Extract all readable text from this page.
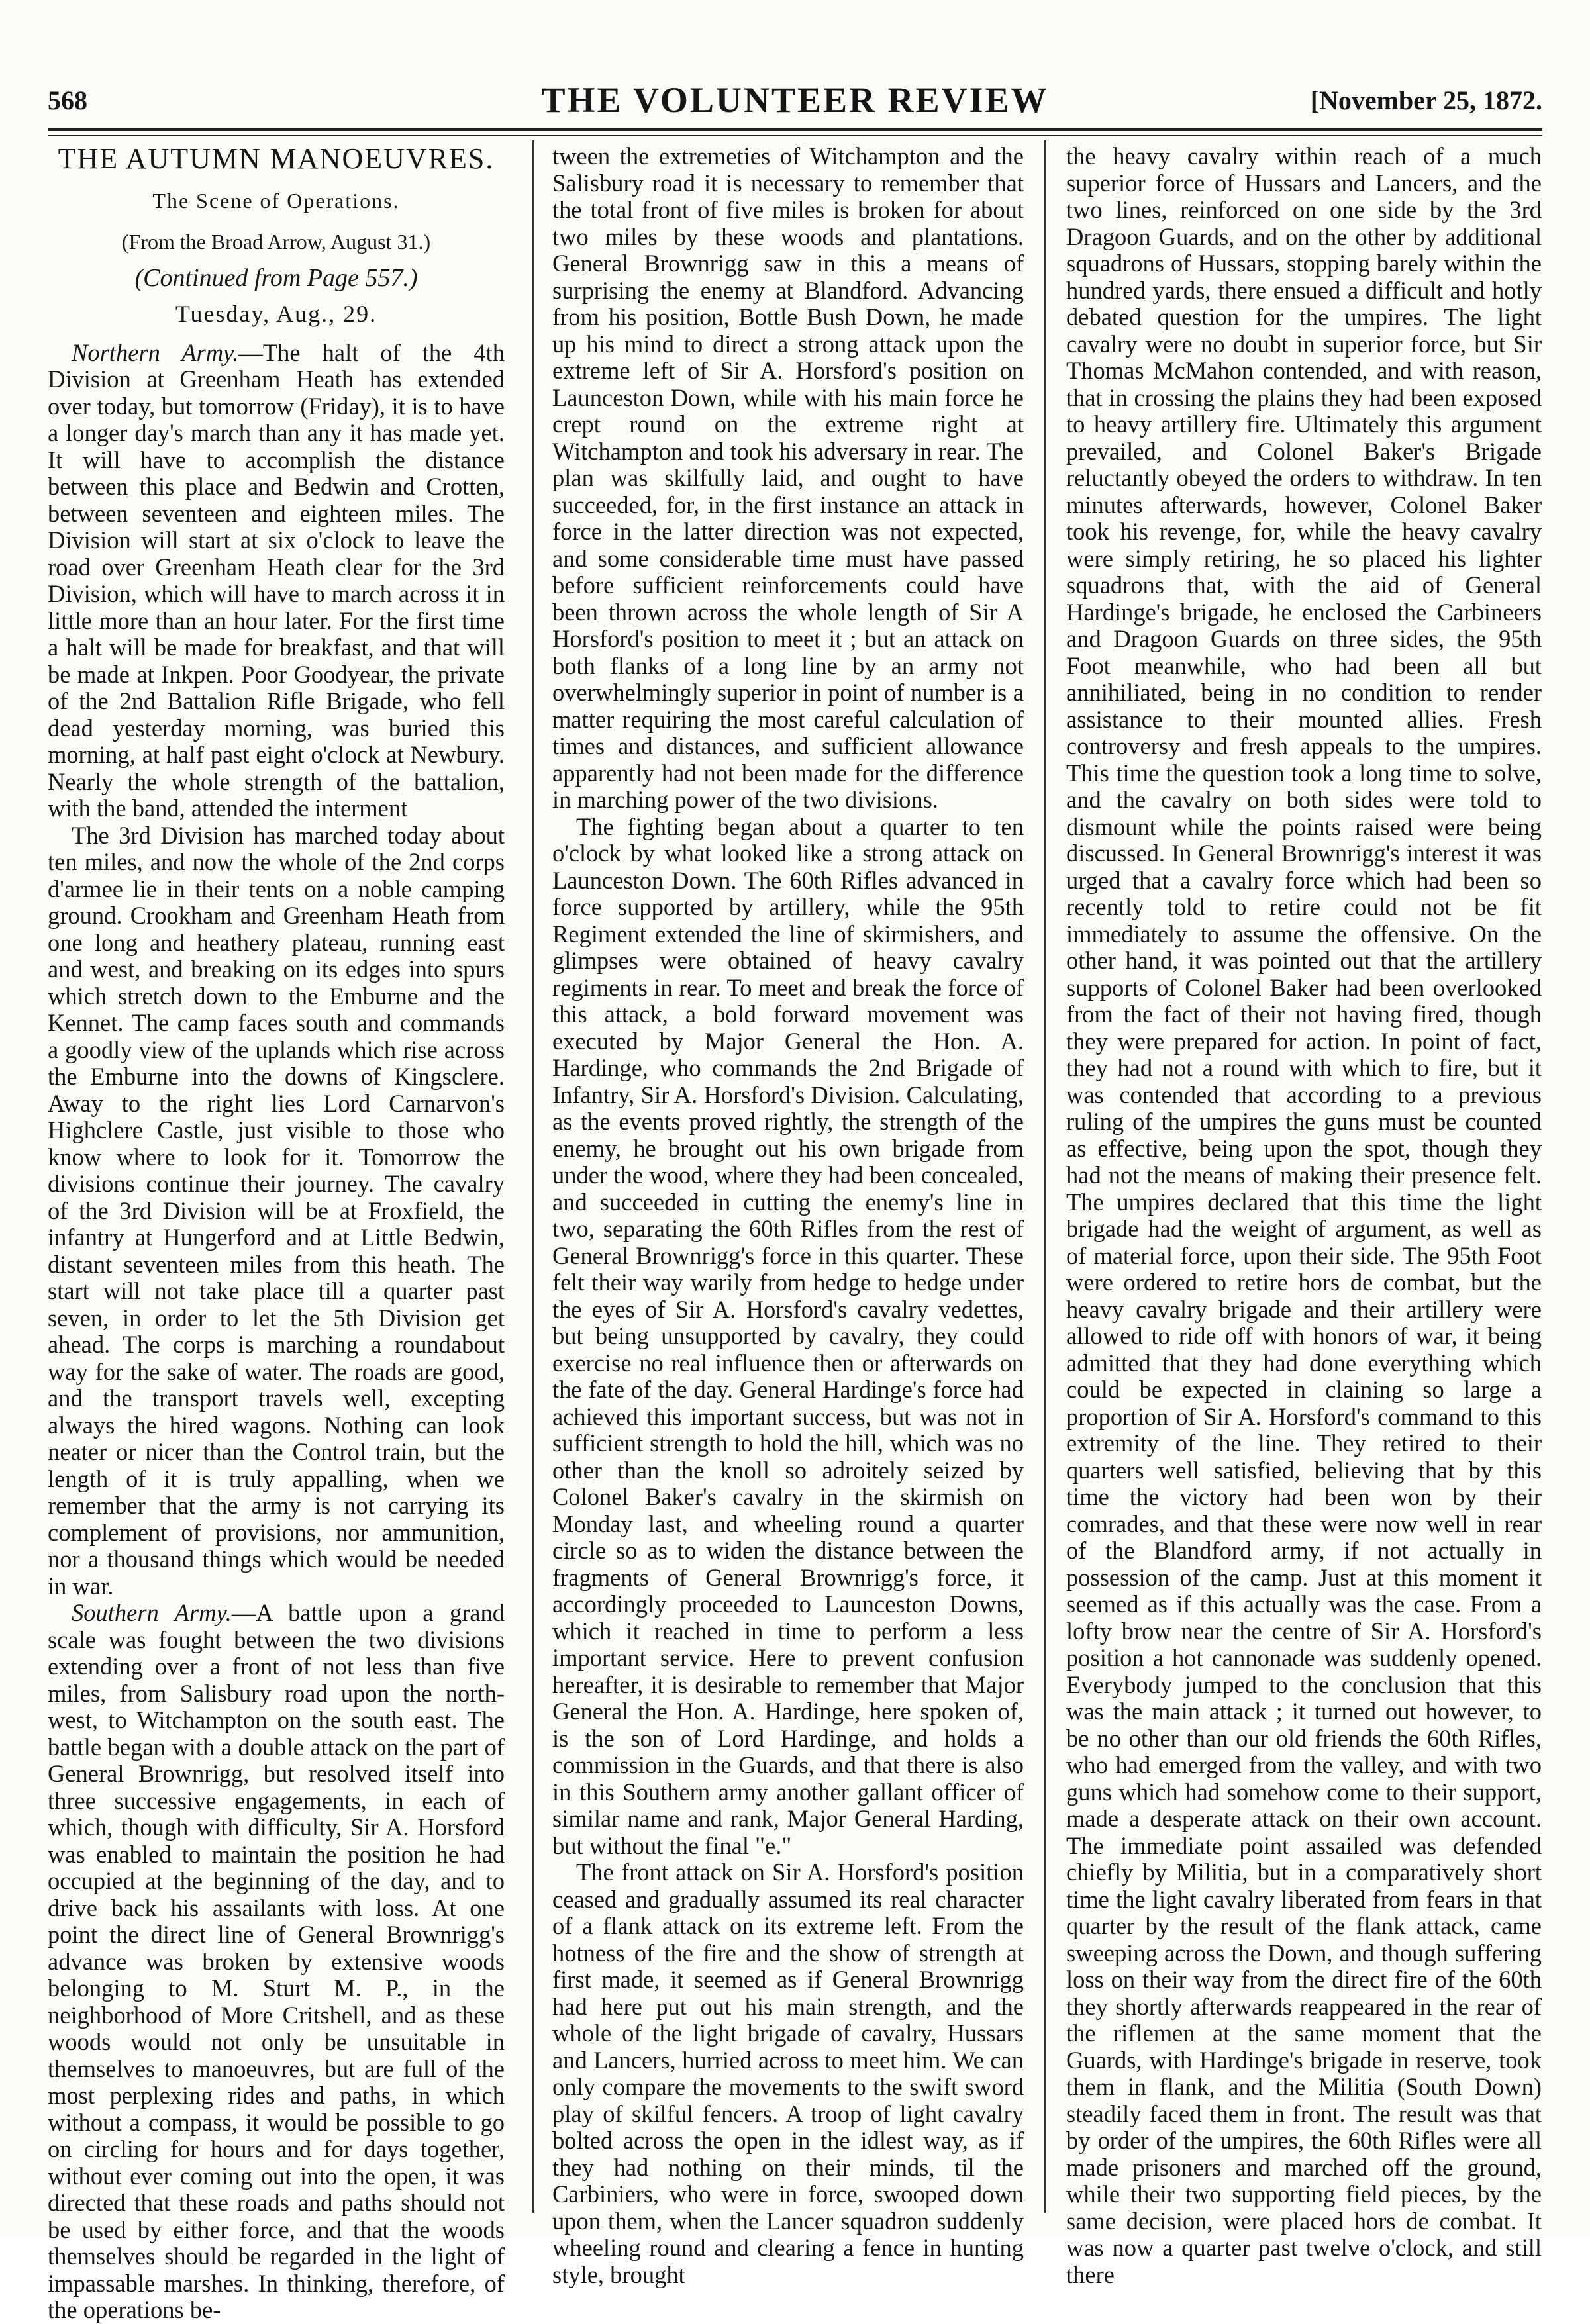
568	THE VOLUNTEER REVIEW	[November 25, 1872.
THE AUTUMN MANOEUVRES.
The Scene of Operations.
(From the Broad Arrow, August 31.)
(Continued from Page 557.)
Tuesday, Aug., 29.

Northern Army.—The halt of the 4th Division at Greenham Heath has extended over today, but tomorrow (Friday), it is to have a longer day's march than any it has made yet. It will have to accomplish the distance between this place and Bedwin and Crotten, between seventeen and eighteen miles. The Division will start at six o'clock to leave the road over Greenham Heath clear for the 3rd Division, which will have to march across it in little more than an hour later. For the first time a halt will be made for breakfast, and that will be made at Inkpen. Poor Goodyear, the private of the 2nd Battalion Rifle Brigade, who fell dead yesterday morning, was buried this morning, at half past eight o'clock at Newbury. Nearly the whole strength of the battalion, with the band, attended the interment

The 3rd Division has marched today about ten miles, and now the whole of the 2nd corps d'armee lie in their tents on a noble camping ground. Crookham and Greenham Heath from one long and heathery plateau, running east and west, and breaking on its edges into spurs which stretch down to the Emburne and the Kennet. The camp faces south and commands a goodly view of the uplands which rise across the Emburne into the downs of Kingsclere. Away to the right lies Lord Carnarvon's Highclere Castle, just visible to those who know where to look for it. Tomorrow the divisions continue their journey. The cavalry of the 3rd Division will be at Froxfield, the infantry at Hungerford and at Little Bedwin, distant seventeen miles from this heath. The start will not take place till a quarter past seven, in order to let the 5th Division get ahead. The corps is marching a roundabout way for the sake of water. The roads are good, and the transport travels well, excepting always the hired wagons. Nothing can look neater or nicer than the Control train, but the length of it is truly appalling, when we remember that the army is not carrying its complement of provisions, nor ammunition, nor a thousand things which would be needed in war.

Southern Army.—A battle upon a grand scale was fought between the two divisions extending over a front of not less than five miles, from Salisbury road upon the north-west, to Witchampton on the south east. The battle began with a double attack on the part of General Brownrigg, but resolved itself into three successive engagements, in each of which, though with difficulty, Sir A. Horsford was enabled to maintain the position he had occupied at the beginning of the day, and to drive back his assailants with loss. At one point the direct line of General Brownrigg's advance was broken by extensive woods belonging to M. Sturt M. P., in the neighborhood of More Critshell, and as these woods would not only be unsuitable in themselves to manoeuvres, but are full of the most perplexing rides and paths, in which without a compass, it would be possible to go on circling for hours and for days together, without ever coming out into the open, it was directed that these roads and paths should not be used by either force, and that the woods themselves should be regarded in the light of impassable marshes. In thinking, therefore, of the operations be-

tween the extremeties of Witchampton and the Salisbury road it is necessary to remember that the total front of five miles is broken for about two miles by these woods and plantations. General Brownrigg saw in this a means of surprising the enemy at Blandford. Advancing from his position, Bottle Bush Down, he made up his mind to direct a strong attack upon the extreme left of Sir A. Horsford's position on Launceston Down, while with his main force he crept round on the extreme right at Witchampton and took his adversary in rear. The plan was skilfully laid, and ought to have succeeded, for, in the first instance an attack in force in the latter direction was not expected, and some considerable time must have passed before sufficient reinforcements could have been thrown across the whole length of Sir A Horsford's position to meet it ; but an attack on both flanks of a long line by an army not overwhelmingly superior in point of number is a matter requiring the most careful calculation of times and distances, and sufficient allowance apparently had not been made for the difference in marching power of the two divisions.

The fighting began about a quarter to ten o'clock by what looked like a strong attack on Launceston Down. The 60th Rifles advanced in force supported by artillery, while the 95th Regiment extended the line of skirmishers, and glimpses were obtained of heavy cavalry regiments in rear. To meet and break the force of this attack, a bold forward movement was executed by Major General the Hon. A. Hardinge, who commands the 2nd Brigade of Infantry, Sir A. Horsford's Division. Calculating, as the events proved rightly, the strength of the enemy, he brought out his own brigade from under the wood, where they had been concealed, and succeeded in cutting the enemy's line in two, separating the 60th Rifles from the rest of General Brownrigg's force in this quarter. These felt their way warily from hedge to hedge under the eyes of Sir A. Horsford's cavalry vedettes, but being unsupported by cavalry, they could exercise no real influence then or afterwards on the fate of the day. General Hardinge's force had achieved this important success, but was not in sufficient strength to hold the hill, which was no other than the knoll so adroitely seized by Colonel Baker's cavalry in the skirmish on Monday last, and wheeling round a quarter circle so as to widen the distance between the fragments of General Brownrigg's force, it accordingly proceeded to Launceston Downs, which it reached in time to perform a less important service. Here to prevent confusion hereafter, it is desirable to remember that Major General the Hon. A. Hardinge, here spoken of, is the son of Lord Hardinge, and holds a commission in the Guards, and that there is also in this Southern army another gallant officer of similar name and rank, Major General Harding, but without the final "e."

The front attack on Sir A. Horsford's position ceased and gradually assumed its real character of a flank attack on its extreme left. From the hotness of the fire and the show of strength at first made, it seemed as if General Brownrigg had here put out his main strength, and the whole of the light brigade of cavalry, Hussars and Lancers, hurried across to meet him. We can only compare the movements to the swift sword play of skilful fencers. A troop of light cavalry bolted across the open in the idlest way, as if they had nothing on their minds, til the Carbiniers, who were in force, swooped down upon them, when the Lancer squadron suddenly wheeling round and clearing a fence in hunting style, brought

the heavy cavalry within reach of a much superior force of Hussars and Lancers, and the two lines, reinforced on one side by the 3rd Dragoon Guards, and on the other by additional squadrons of Hussars, stopping barely within the hundred yards, there ensued a difficult and hotly debated question for the umpires. The light cavalry were no doubt in superior force, but Sir Thomas McMahon contended, and with reason, that in crossing the plains they had been exposed to heavy artillery fire. Ultimately this argument prevailed, and Colonel Baker's Brigade reluctantly obeyed the orders to withdraw. In ten minutes afterwards, however, Colonel Baker took his revenge, for, while the heavy cavalry were simply retiring, he so placed his lighter squadrons that, with the aid of General Hardinge's brigade, he enclosed the Carbineers and Dragoon Guards on three sides, the 95th Foot meanwhile, who had been all but annihiliated, being in no condition to render assistance to their mounted allies. Fresh controversy and fresh appeals to the umpires. This time the question took a long time to solve, and the cavalry on both sides were told to dismount while the points raised were being discussed. In General Brownrigg's interest it was urged that a cavalry force which had been so recently told to retire could not be fit immediately to assume the offensive. On the other hand, it was pointed out that the artillery supports of Colonel Baker had been overlooked from the fact of their not having fired, though they were prepared for action. In point of fact, they had not a round with which to fire, but it was contended that according to a previous ruling of the umpires the guns must be counted as effective, being upon the spot, though they had not the means of making their presence felt. The umpires declared that this time the light brigade had the weight of argument, as well as of material force, upon their side. The 95th Foot were ordered to retire hors de combat, but the heavy cavalry brigade and their artillery were allowed to ride off with honors of war, it being admitted that they had done everything which could be expected in claining so large a proportion of Sir A. Horsford's command to this extremity of the line. They retired to their quarters well satisfied, believing that by this time the victory had been won by their comrades, and that these were now well in rear of the Blandford army, if not actually in possession of the camp. Just at this moment it seemed as if this actually was the case. From a lofty brow near the centre of Sir A. Horsford's position a hot cannonade was suddenly opened. Everybody jumped to the conclusion that this was the main attack ; it turned out however, to be no other than our old friends the 60th Rifles, who had emerged from the valley, and with two guns which had somehow come to their support, made a desperate attack on their own account. The immediate point assailed was defended chiefly by Militia, but in a comparatively short time the light cavalry liberated from fears in that quarter by the result of the flank attack, came sweeping across the Down, and though suffering loss on their way from the direct fire of the 60th they shortly afterwards reappeared in the rear of the riflemen at the same moment that the Guards, with Hardinge's brigade in reserve, took them in flank, and the Militia (South Down) steadily faced them in front. The result was that by order of the umpires, the 60th Rifles were all made prisoners and marched off the ground, while their two supporting field pieces, by the same decision, were placed hors de combat. It was now a quarter past twelve o'clock, and still there
